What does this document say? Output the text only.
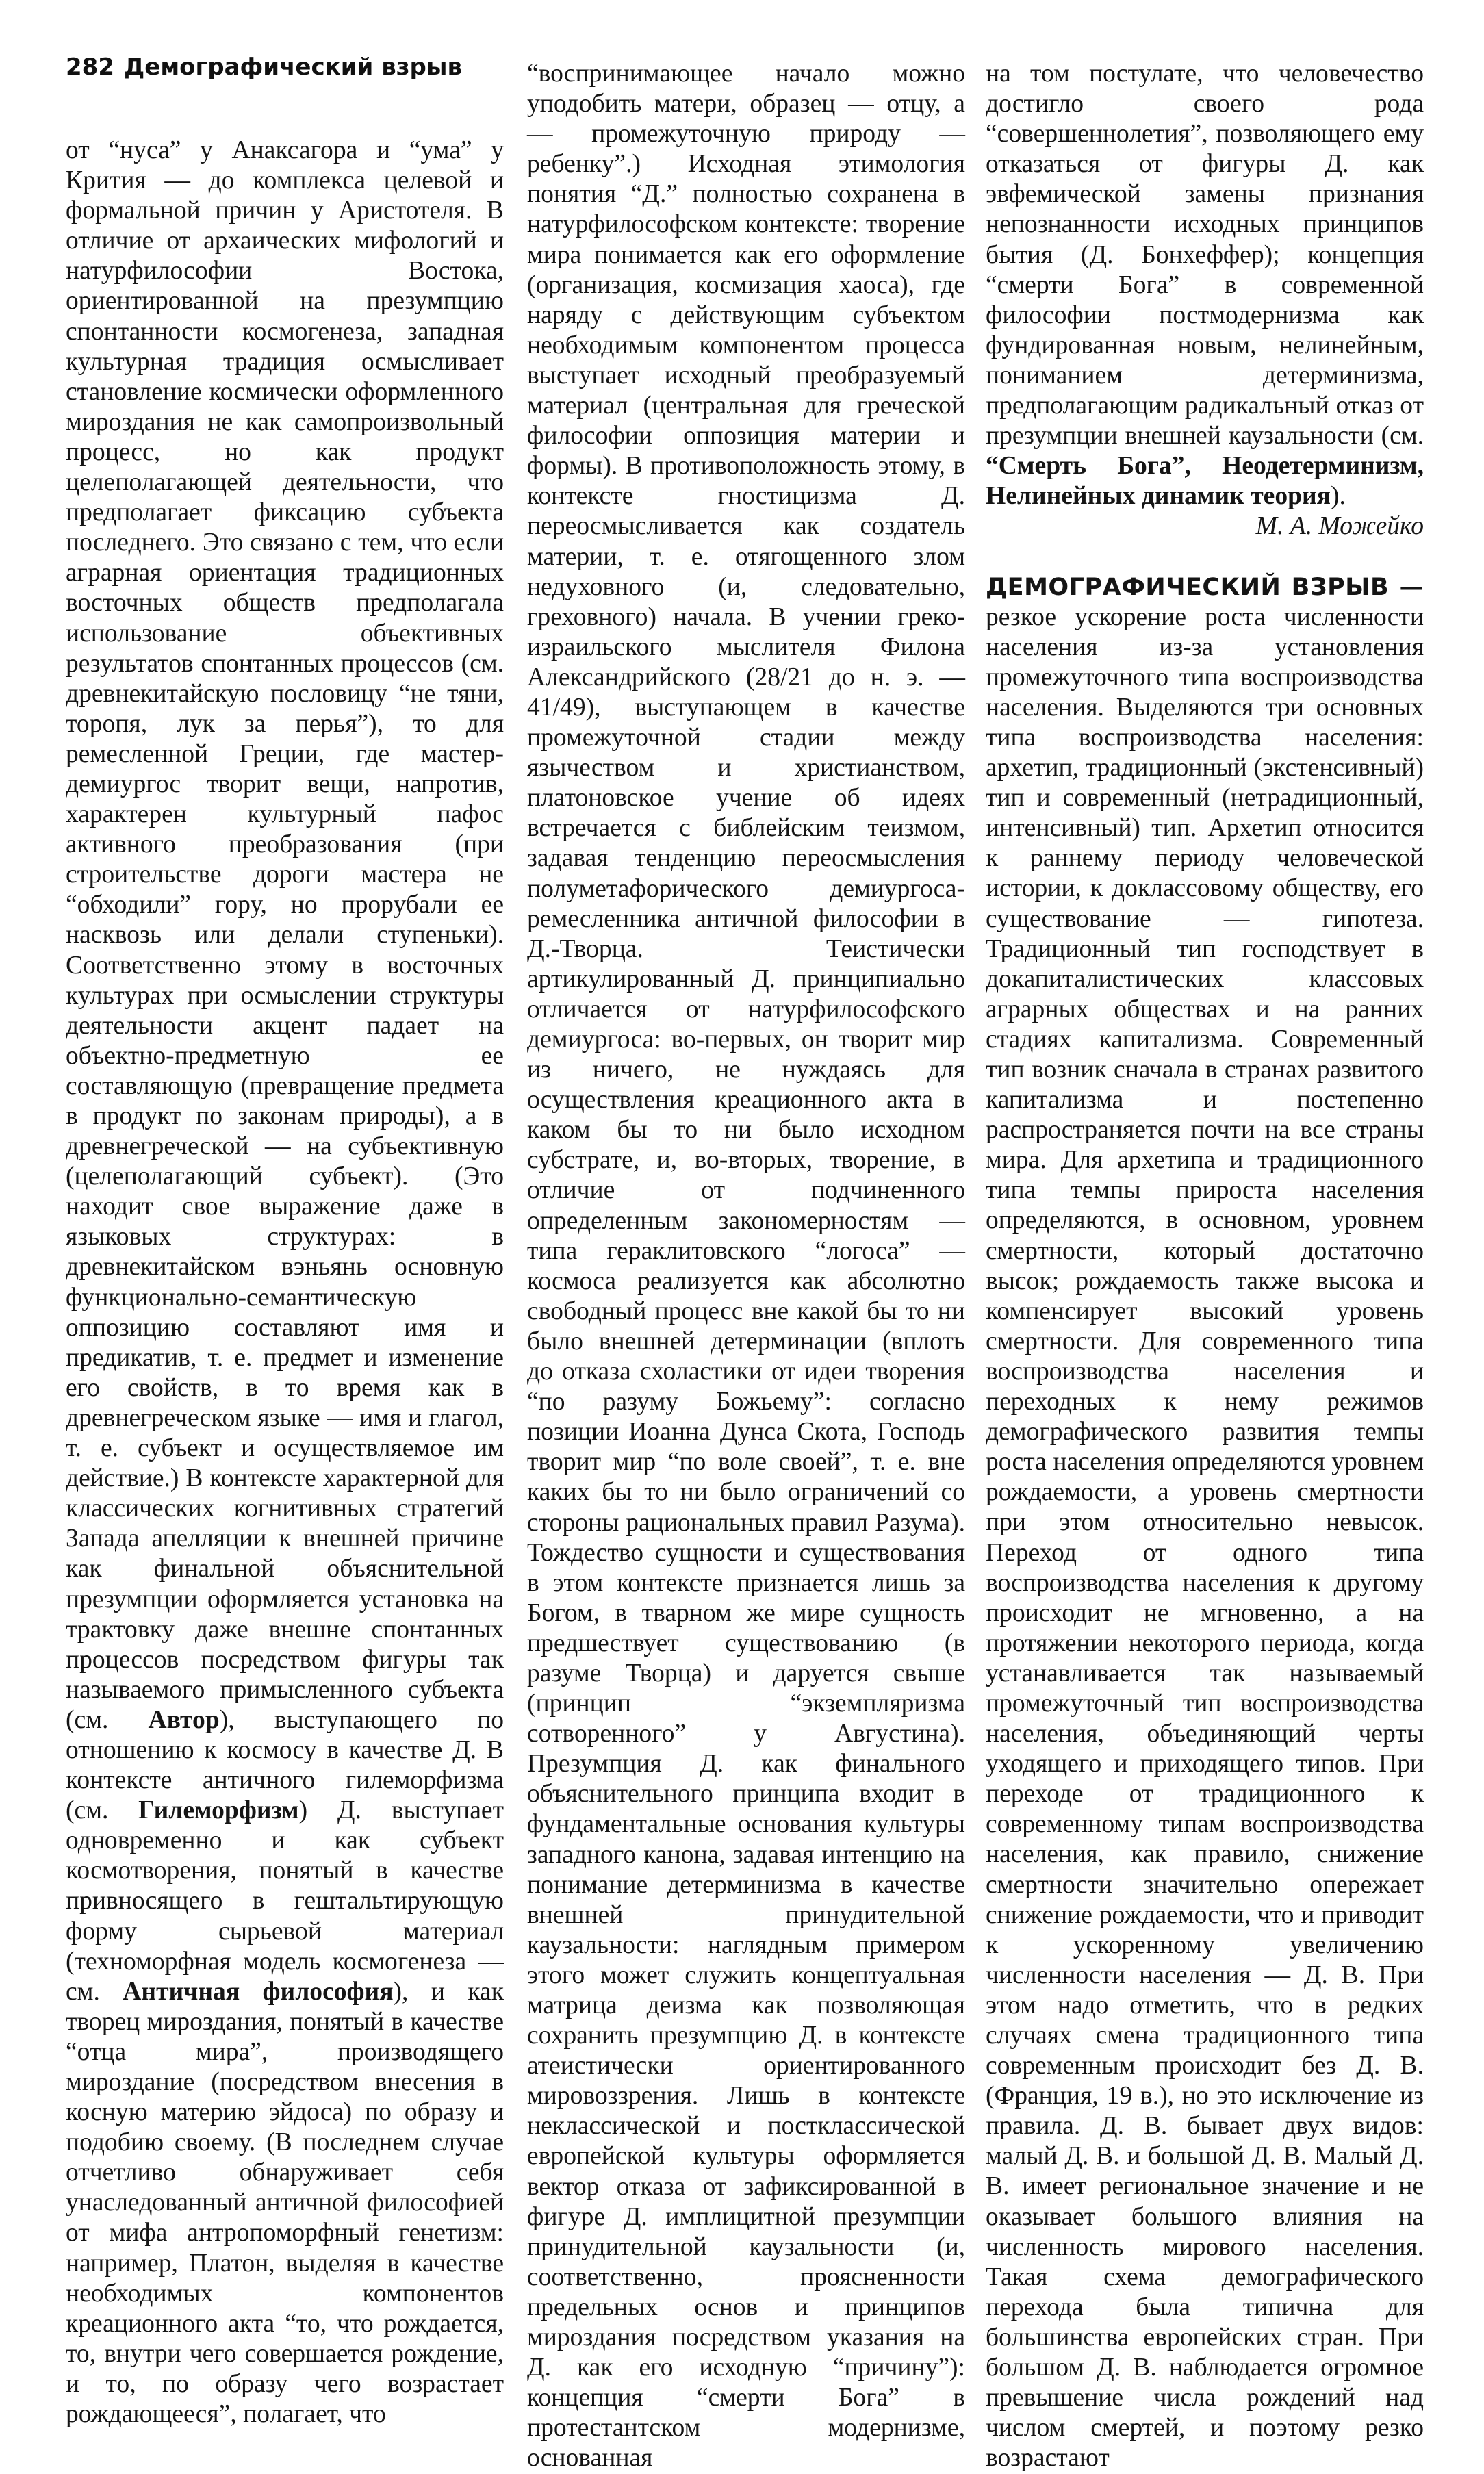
282 Демографический взрыв

от “нуса” у Анаксагора и “ума” у Крития — до комплекса целевой и формальной причин у Аристотеля. В отличие от архаических мифологий и натурфилософии Востока, ориентированной на презумпцию спонтанности космогенеза, западная культурная традиция осмысливает становление космически оформленного мироздания не как самопроизвольный процесс, но как продукт целеполагающей деятельности, что предполагает фиксацию субъекта последнего. Это связано с тем, что если аграрная ориентация традиционных восточных обществ предполагала использование объективных результатов спонтанных процессов (см. древнекитайскую пословицу “не тяни, торопя, лук за перья”), то для ремесленной Греции, где мастер-демиургос творит вещи, напротив, характерен культурный пафос активного преобразования (при строительстве дороги мастера не “обходили” гору, но прорубали ее насквозь или делали ступеньки). Соответственно этому в восточных культурах при осмыслении структуры деятельности акцент падает на объектно-предметную ее составляющую (превращение предмета в продукт по законам природы), а в древнегреческой — на субъективную (целеполагающий субъект). (Это находит свое выражение даже в языковых структурах: в древнекитайском вэньянь основную функционально-семантическую оппозицию составляют имя и предикатив, т. е. предмет и изменение его свойств, в то время как в древнегреческом языке — имя и глагол, т. е. субъект и осуществляемое им действие.) В контексте характерной для классических когнитивных стратегий Запада апелляции к внешней причине как финальной объяснительной презумпции оформляется установка на трактовку даже внешне спонтанных процессов посредством фигуры так называемого примысленного субъекта (см. Автор), выступающего по отношению к космосу в качестве Д. В контексте античного гилеморфизма (см. Гилеморфизм) Д. выступает одновременно и как субъект космотворения, понятый в качестве привносящего в гештальтирующую форму сырьевой материал (техноморфная модель космогенеза — см. Античная философия), и как творец мироздания, понятый в качестве “отца мира”, производящего мироздание (посредством внесения в косную материю эйдоса) по образу и подобию своему. (В последнем случае отчетливо обнаруживает себя унаследованный античной философией от мифа антропоморфный генетизм: например, Платон, выделяя в качестве необходимых компонентов креационного акта “то, что рождается, то, внутри чего совершается рождение, и то, по образу чего возрастает рождающееся”, полагает, что

“воспринимающее начало можно уподобить матери, образец — отцу, а — промежуточную природу — ребенку”.) Исходная этимология понятия “Д.” полностью сохранена в натурфилософском контексте: творение мира понимается как его оформление (организация, космизация хаоса), где наряду с действующим субъектом необходимым компонентом процесса выступает исходный преобразуемый материал (центральная для греческой философии оппозиция материи и формы). В противоположность этому, в контексте гностицизма Д. переосмысливается как создатель материи, т. е. отягощенного злом недуховного (и, следовательно, греховного) начала. В учении греко-израильского мыслителя Филона Александрийского (28/21 до н. э. — 41/49), выступающем в качестве промежуточной стадии между язычеством и христианством, платоновское учение об идеях встречается с библейским теизмом, задавая тенденцию переосмысления полуметафорического демиургоса-ремесленника античной философии в Д.-Творца. Теистически артикулированный Д. принципиально отличается от натурфилософского демиургоса: во-первых, он творит мир из ничего, не нуждаясь для осуществления креационного акта в каком бы то ни было исходном субстрате, и, во-вторых, творение, в отличие от подчиненного определенным закономерностям — типа гераклитовского “логоса” — космоса реализуется как абсолютно свободный процесс вне какой бы то ни было внешней детерминации (вплоть до отказа схоластики от идеи творения “по разуму Божьему”: согласно позиции Иоанна Дунса Скота, Господь творит мир “по воле своей”, т. е. вне каких бы то ни было ограничений со стороны рациональных правил Разума). Тождество сущности и существования в этом контексте признается лишь за Богом, в тварном же мире сущность предшествует существованию (в разуме Творца) и даруется свыше (принцип “экземпляризма сотворенного” у Августина). Презумпция Д. как финального объяснительного принципа входит в фундаментальные основания культуры западного канона, задавая интенцию на понимание детерминизма в качестве внешней принудительной каузальности: наглядным примером этого может служить концептуальная матрица деизма как позволяющая сохранить презумпцию Д. в контексте атеистически ориентированного мировоззрения. Лишь в контексте неклассической и постклассической европейской культуры оформляется вектор отказа от зафиксированной в фигуре Д. имплицитной презумпции принудительной каузальности (и, соответственно, проясненности предельных основ и принципов мироздания посредством указания на Д. как его исходную “причину”): концепция “смерти Бога” в протестантском модернизме, основанная

на том постулате, что человечество достигло своего рода “совершеннолетия”, позволяющего ему отказаться от фигуры Д. как эвфемической замены признания непознанности исходных принципов бытия (Д. Бонхеффер); концепция “смерти Бога” в современной философии постмодернизма как фундированная новым, нелинейным, пониманием детерминизма, предполагающим радикальный отказ от презумпции внешней каузальности (см. “Смерть Бога”, Неодетерминизм, Нелинейных динамик теория).

М. А. Можейко

ДЕМОГРАФИЧЕСКИЙ ВЗРЫВ — резкое ускорение роста численности населения из-за установления промежуточного типа воспроизводства населения. Выделяются три основных типа воспроизводства населения: архетип, традиционный (экстенсивный) тип и современный (нетрадиционный, интенсивный) тип. Архетип относится к раннему периоду человеческой истории, к доклассовому обществу, его существование — гипотеза. Традиционный тип господствует в докапиталистических классовых аграрных обществах и на ранних стадиях капитализма. Современный тип возник сначала в странах развитого капитализма и постепенно распространяется почти на все страны мира. Для архетипа и традиционного типа темпы прироста населения определяются, в основном, уровнем смертности, который достаточно высок; рождаемость также высока и компенсирует высокий уровень смертности. Для современного типа воспроизводства населения и переходных к нему режимов демографического развития темпы роста населения определяются уровнем рождаемости, а уровень смертности при этом относительно невысок. Переход от одного типа воспроизводства населения к другому происходит не мгновенно, а на протяжении некоторого периода, когда устанавливается так называемый промежуточный тип воспроизводства населения, объединяющий черты уходящего и приходящего типов. При переходе от традиционного к современному типам воспроизводства населения, как правило, снижение смертности значительно опережает снижение рождаемости, что и приводит к ускоренному увеличению численности населения — Д. В. При этом надо отметить, что в редких случаях смена традиционного типа современным происходит без Д. В. (Франция, 19 в.), но это исключение из правила. Д. В. бывает двух видов: малый Д. В. и большой Д. В. Малый Д. В. имеет региональное значение и не оказывает большого влияния на численность мирового населения. Такая схема демографического перехода была типична для большинства европейских стран. При большом Д. В. наблюдается огромное превышение числа рождений над числом смертей, и поэтому резко возрастают
